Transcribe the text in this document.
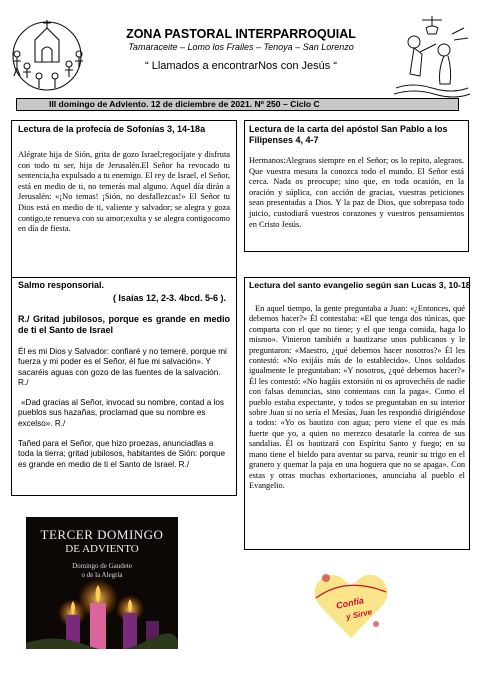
ZONA PASTORAL INTERPARROQUIAL
Tamaraceite – Lomo los Frailes – Tenoya – San Lorenzo
“ Llamados a encontrarNos con Jesús “
III domingo de Adviento. 12 de diciembre de 2021. Nº 250 – Ciclo C
Lectura de la profecía de Sofonías 3, 14-18a

Alégrate hija de Sión, grita de gozo Israel;regocíjate y disfruta con todo tu ser, hija de Jerusalén.El Señor ha revocado tu sentencia,ha expulsado a tu enemigo. El rey de Israel, el Señor, está en medio de ti, no temerás mal alguno. Aquel día dirán a Jerusalén: «¡No temas! ¡Sión, no desfallezcas!» El Señor tu Dios está en medio de ti, valiente y salvador; se alegra y goza contigo,te renueva con su amor;exulta y se alegra contigocomo en día de fiesta.

Lectura de la carta del apóstol San Pablo a los Filipenses 4, 4-7

Hermanos:Alegraos siempre en el Señor; os lo repito, alegraos. Que vuestra mesura la conozca todo el mundo. El Señor está cerca. Nada os preocupe; sino que, en toda ocasión, en la oración y súplica, con acción de gracias, vuestras peticiones sean presentadas a Dios. Y la paz de Dios, que sobrepasa todo juicio, custodiará vuestros corazones y vuestros pensamientos en Cristo Jesús.

Salmo responsorial.
( Isaías 12, 2-3. 4bcd. 5-6 ).
R./ Gritad jubilosos, porque es grande en medio de ti el Santo de Israel

Él es mi Dios y Salvador: confiaré y no temeré, porque mi fuerza y mi poder es el Señor, él fue mi salvación». Y sacaréis aguas con gozo de las fuentes de la salvación. R./

«Dad gracias al Señor, invocad su nombre, contad a los pueblos sus hazañas, proclamad que su nombre es excelso». R./

Tañed para el Señor, que hizo proezas, anunciadlas a toda la tierra; gritad jubilosos, habitantes de Sión: porque es grande en medio de ti el Santo de Israel. R./

Lectura del santo evangelio según san Lucas 3, 10-18

En aquel tiempo, la gente preguntaba a Juan: «¿Entonces, qué debemos hacer?» Él contestaba: «El que tenga dos túnicas, que comparta con el que no tiene; y el que tenga comida, haga lo mismo». Vinieron también a bautizarse unos publicanos y le preguntaron: «Maestro, ¿qué debemos hacer nosotros?» Él les contestó: «No exijáis más de lo establecido». Unos soldados igualmente le preguntaban: «Y nosotros, ¿qué debemos hacer?» Él les contestó: «No hagáis extorsión ni os aprovechéis de nadie con falsas denuncias, sino contentaos con la paga». Como el pueblo estaba expectante, y todos se preguntaban en su interior sobre Juan si no sería el Mesías, Juan les respondió dirigiéndose a todos: «Yo os bautizo con agua; pero viene el que es más fuerte que yo, a quien no merezco desatarle la correa de sus sandalias. Él os bautizará con Espíritu Santo y fuego; en su mano tiene el bieldo para aventar su parva, reunir su trigo en el granero y quemar la paja en una hoguera que no se apaga». Con estas y otras muchas exhortaciones, anunciaba al pueblo el Evangelio.

TERCER DOMINGO
DE ADVIENTO
Domingo de Gaudete
o de la Alegría
Confía
y Sirve
